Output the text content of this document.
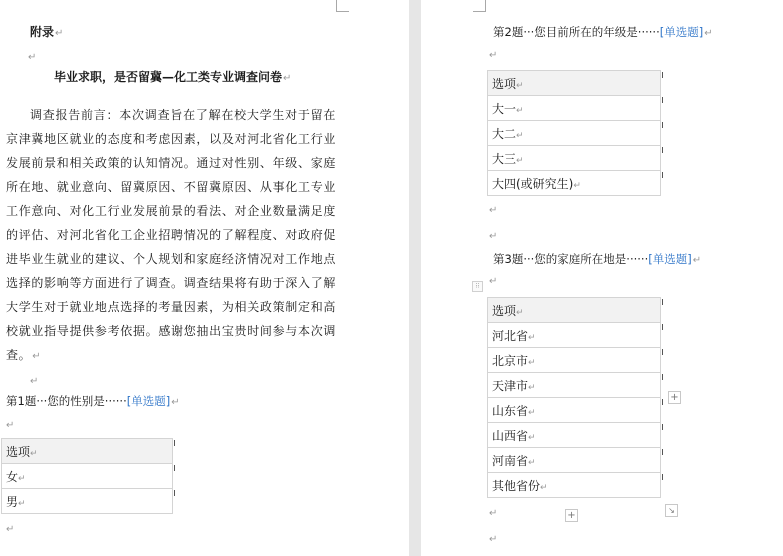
附录↵
↵
毕业求职，是否留冀—化工类专业调查问卷↵
调查报告前言：本次调查旨在了解在校大学生对于留在
京津冀地区就业的态度和考虑因素，以及对河北省化工行业
发展前景和相关政策的认知情况。通过对性别、年级、家庭
所在地、就业意向、留冀原因、不留冀原因、从事化工专业
工作意向、对化工行业发展前景的看法、对企业数量满足度
的评估、对河北省化工企业招聘情况的了解程度、对政府促
进毕业生就业的建议、个人规划和家庭经济情况对工作地点
选择的影响等方面进行了调查。调查结果将有助于深入了解
大学生对于就业地点选择的考量因素，为相关政策制定和高
校就业指导提供参考依据。感谢您抽出宝贵时间参与本次调
查。↵
↵
第1题···您的性别是······[单选题]↵
↵
选项↵
女↵
男↵
↵
第2题···您目前所在的年级是······[单选题]↵
↵
选项↵
大一↵
大二↵
大三↵
大四(或研究生)↵
↵
↵
第3题···您的家庭所在地是······[单选题]↵
↵
⁝⁝
选项↵
河北省↵
北京市↵
天津市↵
山东省↵
山西省↵
河南省↵
其他省份↵
+
+	↘
↵
↵
